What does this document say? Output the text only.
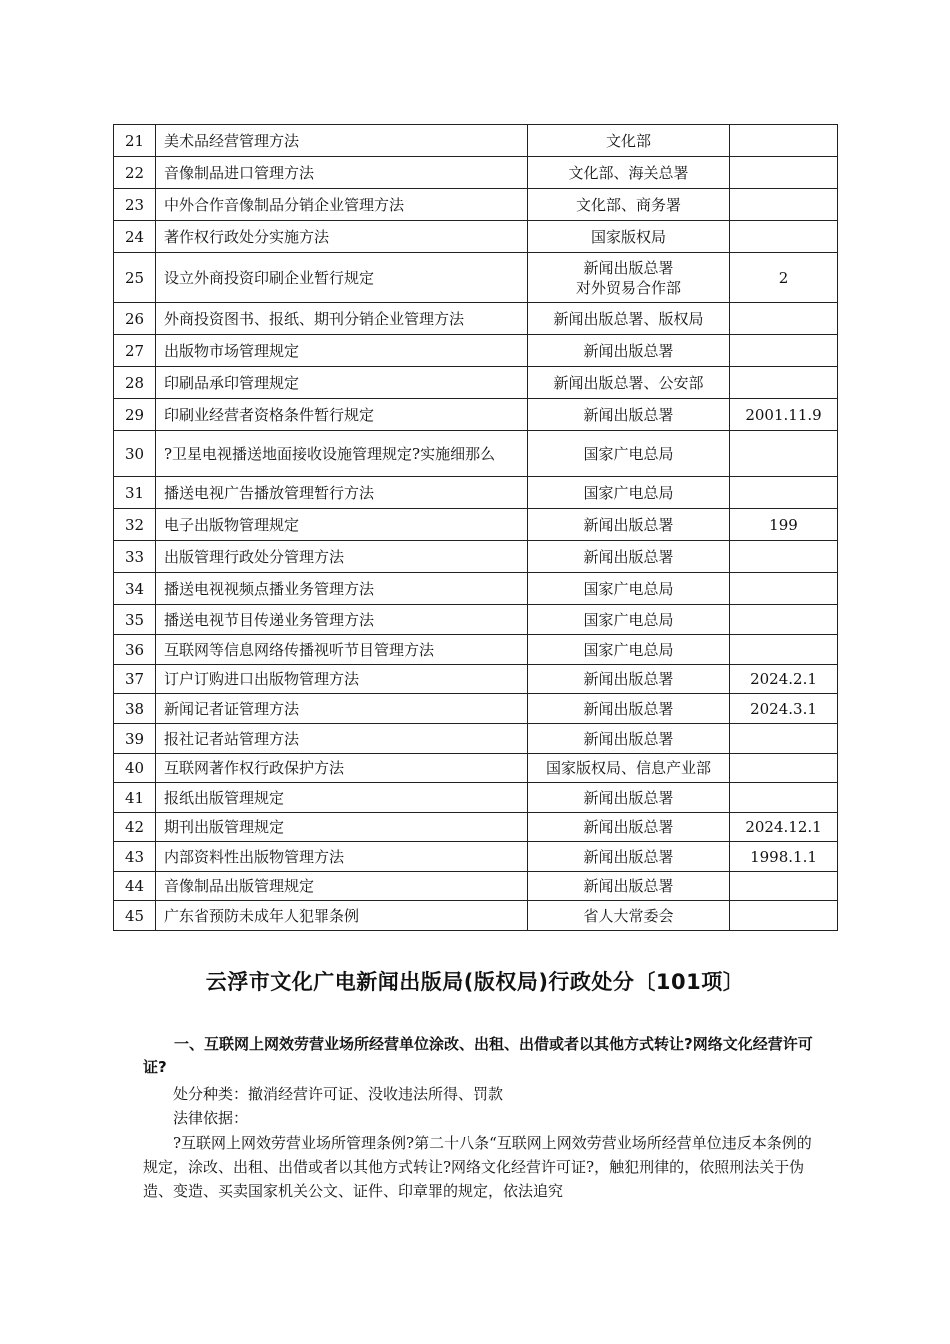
21	美术品经营管理方法	文化部	

22	音像制品进口管理方法	文化部、海关总署	

23	中外合作音像制品分销企业管理方法	文化部、商务署	

24	著作权行政处分实施方法	国家版权局	

25	设立外商投资印刷企业暂行规定	新闻出版总署
对外贸易合作部	2
26	外商投资图书、报纸、期刊分销企业管理方法	新闻出版总署、版权局	

27	出版物市场管理规定	新闻出版总署	

28	印刷品承印管理规定	新闻出版总署、公安部	

29	印刷业经营者资格条件暂行规定	新闻出版总署	2001.11.9
30	?卫星电视播送地面接收设施管理规定?实施细那么	国家广电总局	

31	播送电视广告播放管理暂行方法	国家广电总局	

32	电子出版物管理规定	新闻出版总署	199
33	出版管理行政处分管理方法	新闻出版总署	

34	播送电视视频点播业务管理方法	国家广电总局	

35	播送电视节目传递业务管理方法	国家广电总局	

36	互联网等信息网络传播视听节目管理方法	国家广电总局	

37	订户订购进口出版物管理方法	新闻出版总署	2024.2.1
38	新闻记者证管理方法	新闻出版总署	2024.3.1
39	报社记者站管理方法	新闻出版总署	

40	互联网著作权行政保护方法	国家版权局、信息产业部	

41	报纸出版管理规定	新闻出版总署	

42	期刊出版管理规定	新闻出版总署	2024.12.1
43	内部资料性出版物管理方法	新闻出版总署	1998.1.1
44	音像制品出版管理规定	新闻出版总署	

45	广东省预防未成年人犯罪条例	省人大常委会	

云浮市文化广电新闻出版局(版权局)行政处分〔101项〕
一、互联网上网效劳营业场所经营单位涂改、出租、出借或者以其他方式转让?网络文化经营许可证?

处分种类：撤消经营许可证、没收违法所得、罚款

法律依据：

?互联网上网效劳营业场所管理条例?第二十八条“互联网上网效劳营业场所经营单位违反本条例的规定，涂改、出租、出借或者以其他方式转让?网络文化经营许可证?，触犯刑律的，依照刑法关于伪造、变造、买卖国家机关公文、证件、印章罪的规定，依法追究
